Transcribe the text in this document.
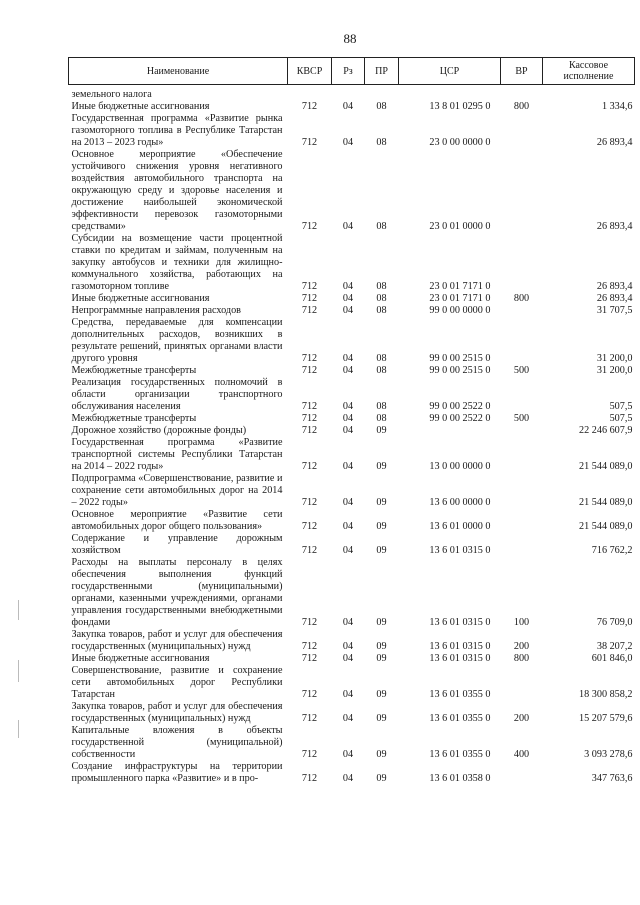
88
Наименование	КВСР	Рз	ПР	ЦСР	ВР	Кассовое исполнение
земельного налога						
Иные бюджетные ассигнования	712	04	08	13 8 01 0295 0	800	1 334,6
Государственная программа «Развитие рынка газомоторного топлива в Республике Татарстан на 2013 – 2023 годы»	712	04	08	23 0 00 0000 0		26 893,4
Основное мероприятие «Обеспечение устойчивого снижения уровня негативного воздействия автомобильного транспорта на окружающую среду и здоровье населения и достижение наибольшей экономической эффективности перевозок газомоторными средствами»	712	04	08	23 0 01 0000 0		26 893,4
Субсидии на возмещение части процентной ставки по кредитам и займам, полученным на закупку автобусов и техники для жилищно-коммунального хозяйства, работающих на газомоторном топливе	712	04	08	23 0 01 7171 0		26 893,4
Иные бюджетные ассигнования	712	04	08	23 0 01 7171 0	800	26 893,4
Непрограммные направления расходов	712	04	08	99 0 00 0000 0		31 707,5
Средства, передаваемые для компенсации дополнительных расходов, возникших в результате решений, принятых органами власти другого уровня	712	04	08	99 0 00 2515 0		31 200,0
Межбюджетные трансферты	712	04	08	99 0 00 2515 0	500	31 200,0
Реализация государственных полномочий в области организации транспортного обслуживания населения	712	04	08	99 0 00 2522 0		507,5
Межбюджетные трансферты	712	04	08	99 0 00 2522 0	500	507,5
Дорожное хозяйство (дорожные фонды)	712	04	09			22 246 607,9
Государственная программа «Развитие транспортной системы Республики Татарстан на 2014 – 2022 годы»	712	04	09	13 0 00 0000 0		21 544 089,0
Подпрограмма «Совершенствование, развитие и сохранение сети автомобильных дорог на 2014 – 2022 годы»	712	04	09	13 6 00 0000 0		21 544 089,0
Основное мероприятие «Развитие сети автомобильных дорог общего пользования»	712	04	09	13 6 01 0000 0		21 544 089,0
Содержание и управление дорожным хозяйством	712	04	09	13 6 01 0315 0		716 762,2
Расходы на выплаты персоналу в целях обеспечения выполнения функций государственными (муниципальными) органами, казенными учреждениями, органами управления государственными внебюджетными фондами	712	04	09	13 6 01 0315 0	100	76 709,0
Закупка товаров, работ и услуг для обеспечения государственных (муниципальных) нужд	712	04	09	13 6 01 0315 0	200	38 207,2
Иные бюджетные ассигнования	712	04	09	13 6 01 0315 0	800	601 846,0
Совершенствование, развитие и сохранение сети автомобильных дорог Республики Татарстан	712	04	09	13 6 01 0355 0		18 300 858,2
Закупка товаров, работ и услуг для обеспечения государственных (муниципальных) нужд	712	04	09	13 6 01 0355 0	200	15 207 579,6
Капитальные вложения в объекты государственной (муниципальной) собственности	712	04	09	13 6 01 0355 0	400	3 093 278,6
Создание инфраструктуры на территории промышленного парка «Развитие» и в про-	712	04	09	13 6 01 0358 0		347 763,6
